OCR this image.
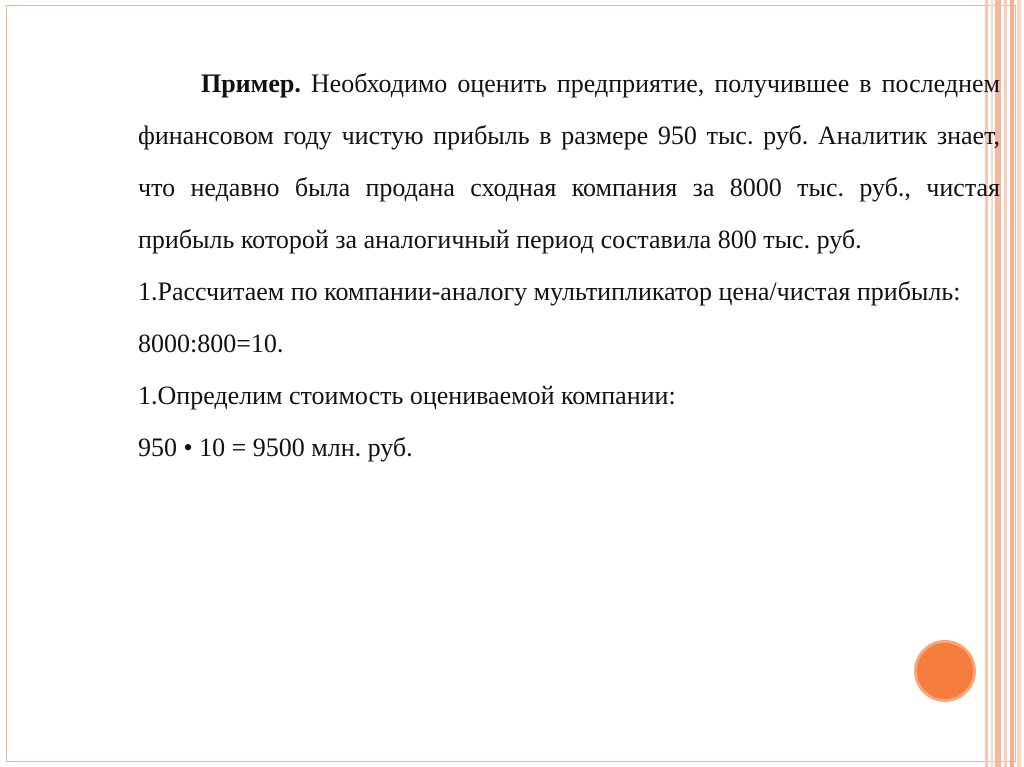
Пример. Необходимо оценить предприятие, получившее в последнем финансовом году чистую прибыль в размере 950 тыс. руб. Аналитик знает, что недавно была продана сходная компания за 8000 тыс. руб., чистая прибыль которой за аналогичный период составила 800 тыс. руб.

1.Рассчитаем по компании-аналогу мультипликатор цена/чистая прибыль:

8000:800=10.

1.Определим стоимость оцениваемой компании:

950 • 10 = 9500 млн. руб.
